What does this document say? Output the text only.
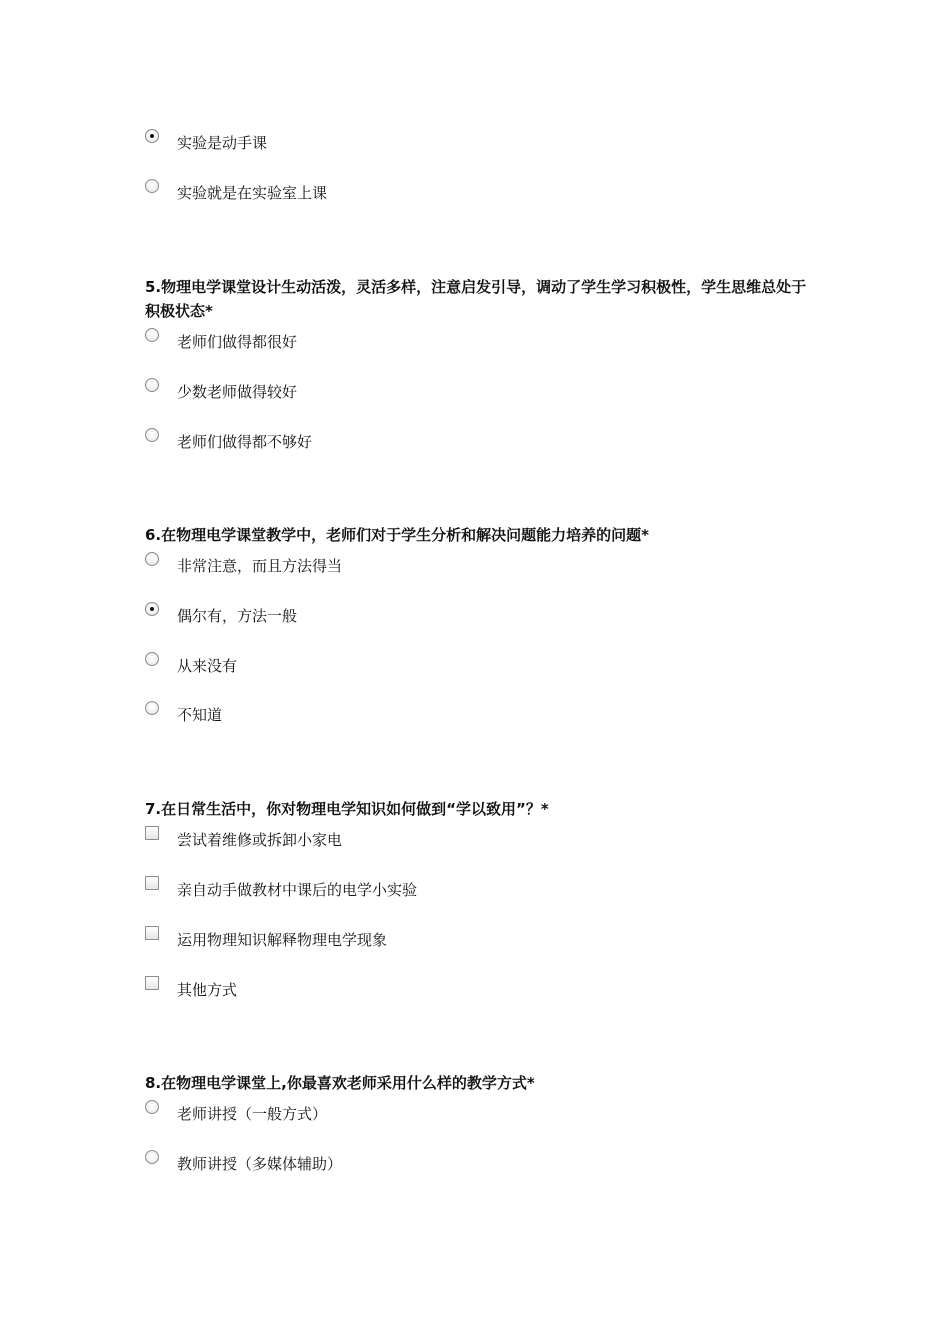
实验是动手课
实验就是在实验室上课
5.物理电学课堂设计生动活泼，灵活多样，注意启发引导，调动了学生学习积极性，学生思维总处于积极状态*
老师们做得都很好
少数老师做得较好
老师们做得都不够好
6.在物理电学课堂教学中，老师们对于学生分析和解决问题能力培养的问题*
非常注意，而且方法得当
偶尔有，方法一般
从来没有
不知道
7.在日常生活中，你对物理电学知识如何做到“学以致用”？*
尝试着维修或拆卸小家电
亲自动手做教材中课后的电学小实验
运用物理知识解释物理电学现象
其他方式
8.在物理电学课堂上,你最喜欢老师采用什么样的教学方式*
老师讲授（一般方式）
教师讲授（多媒体辅助）
